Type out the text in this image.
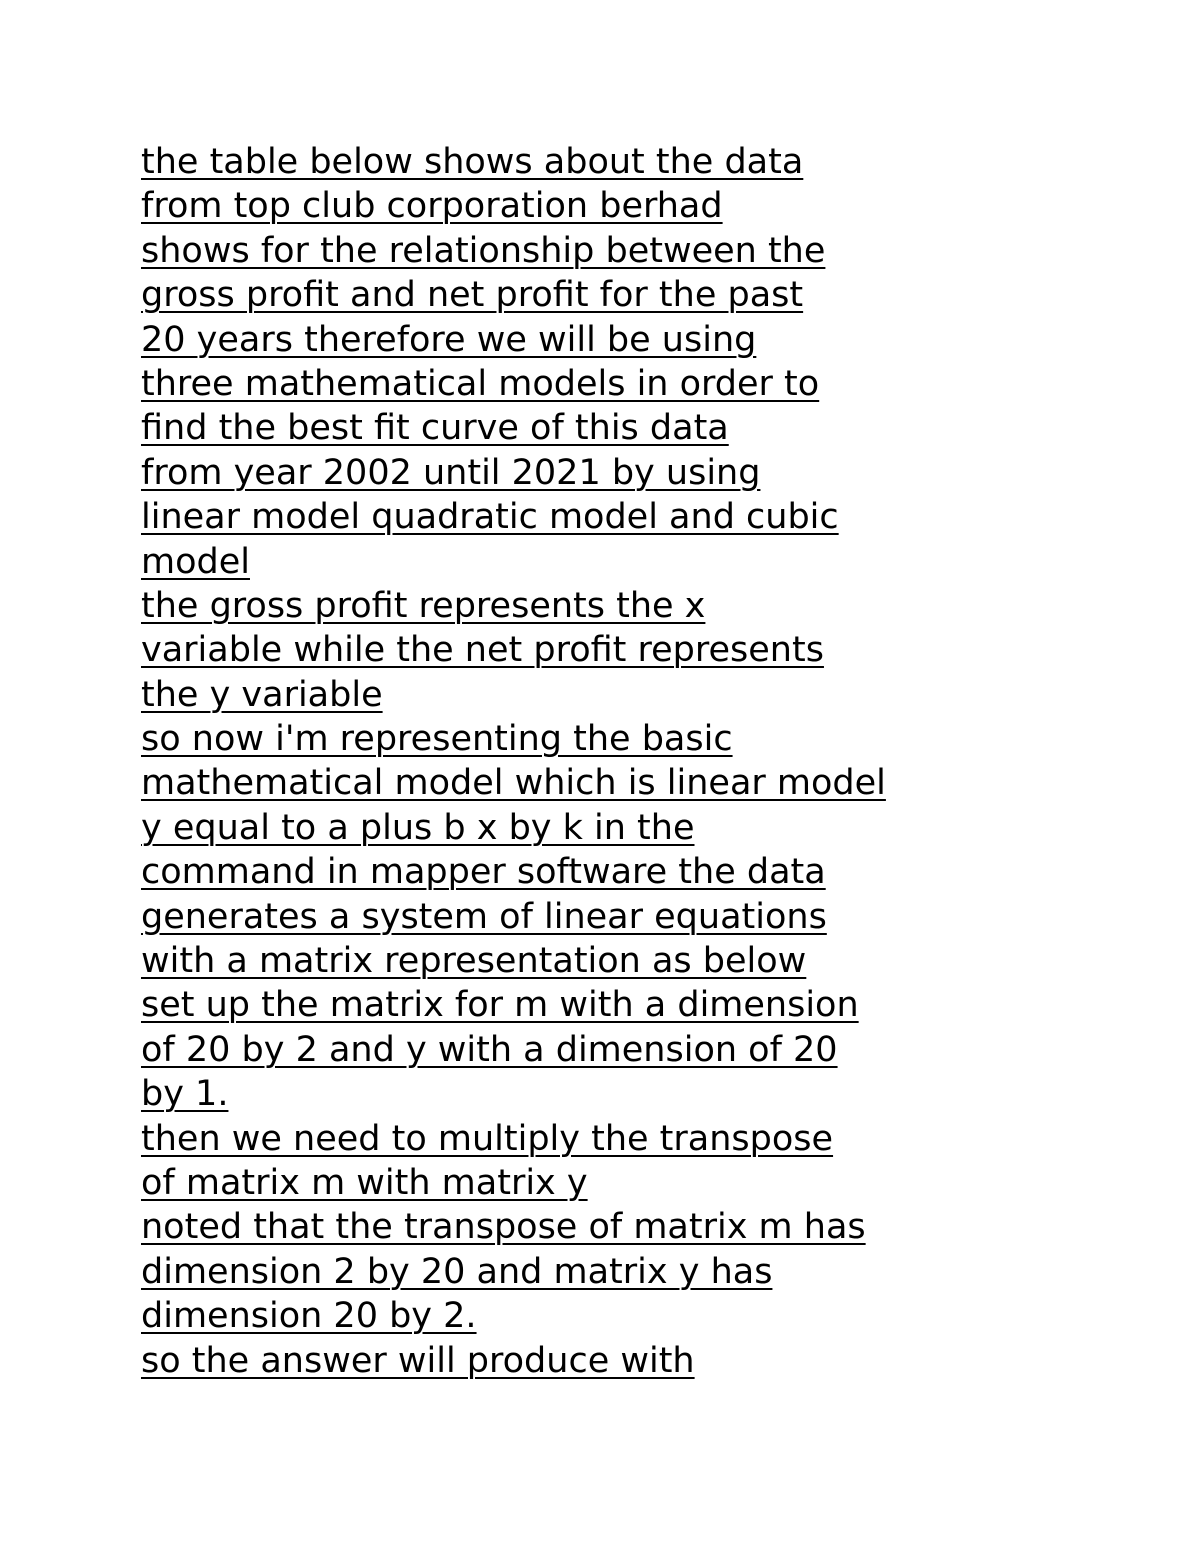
the table below shows about the data
from top club corporation berhad
shows for the relationship between the
gross profit and net profit for the past
20 years therefore we will be using
three mathematical models in order to
find the best fit curve of this data
from year 2002 until 2021 by using
linear model quadratic model and cubic
model
the gross profit represents the x
variable while the net profit represents
the y variable
so now i'm representing the basic
mathematical model which is linear model
y equal to a plus b x by k in the
command in mapper software the data
generates a system of linear equations
with a matrix representation as below
set up the matrix for m with a dimension
of 20 by 2 and y with a dimension of 20
by 1.
then we need to multiply the transpose
of matrix m with matrix y
noted that the transpose of matrix m has
dimension 2 by 20 and matrix y has
dimension 20 by 2.
so the answer will produce with
